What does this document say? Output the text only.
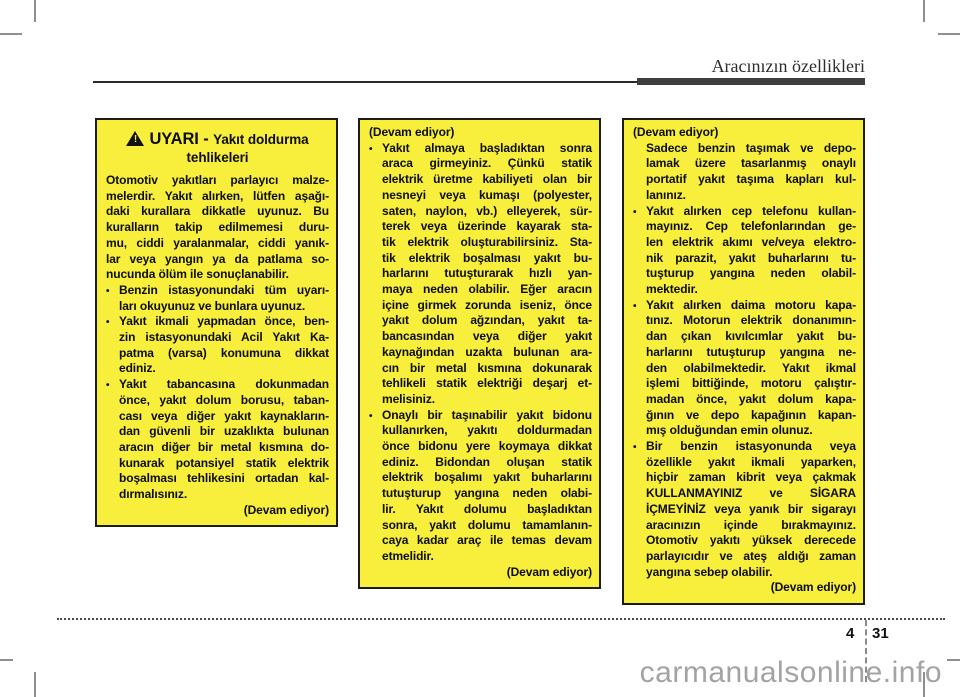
Aracınızın özellikleri
! UYARI - Yakıt doldurma
tehlikeleri
Otomotiv yakıtları parlayıcı malze-
melerdir. Yakıt alırken, lütfen aşağı-
daki kurallara dikkatle uyunuz. Bu
kuralların takip edilmemesi duru-
mu, ciddi yaralanmalar, ciddi yanık-
lar veya yangın ya da patlama so-
nucunda ölüm ile sonuçlanabilir.
• Benzin istasyonundaki tüm uyarı-
ları okuyunuz ve bunlara uyunuz.
• Yakıt ikmali yapmadan önce, ben-
zin istasyonundaki Acil Yakıt Ka-
patma (varsa) konumuna dikkat
ediniz.
• Yakıt tabancasına dokunmadan
önce, yakıt dolum borusu, taban-
cası veya diğer yakıt kaynakların-
dan güvenli bir uzaklıkta bulunan
aracın diğer bir metal kısmına do-
kunarak potansiyel statik elektrik
boşalması tehlikesini ortadan kal-
dırmalısınız.
(Devam ediyor)
(Devam ediyor)
• Yakıt almaya başladıktan sonra
araca girmeyiniz. Çünkü statik
elektrik üretme kabiliyeti olan bir
nesneyi veya kumaşı (polyester,
saten, naylon, vb.) elleyerek, sür-
terek veya üzerinde kayarak sta-
tik elektrik oluşturabilirsiniz. Sta-
tik elektrik boşalması yakıt bu-
harlarını tutuşturarak hızlı yan-
maya neden olabilir. Eğer aracın
içine girmek zorunda iseniz, önce
yakıt dolum ağzından, yakıt ta-
bancasından veya diğer yakıt
kaynağından uzakta bulunan ara-
cın bir metal kısmına dokunarak
tehlikeli statik elektriği deşarj et-
melisiniz.
• Onaylı bir taşınabilir yakıt bidonu
kullanırken, yakıtı doldurmadan
önce bidonu yere koymaya dikkat
ediniz. Bidondan oluşan statik
elektrik boşalımı yakıt buharlarını
tutuşturup yangına neden olabi-
lir. Yakıt dolumu başladıktan
sonra, yakıt dolumu tamamlanın-
caya kadar araç ile temas devam
etmelidir.
(Devam ediyor)
(Devam ediyor)
Sadece benzin taşımak ve depo-
lamak üzere tasarlanmış onaylı
portatif yakıt taşıma kapları kul-
lanınız.
• Yakıt alırken cep telefonu kullan-
mayınız. Cep telefonlarından ge-
len elektrik akımı ve/veya elektro-
nik parazit, yakıt buharlarını tu-
tuşturup yangına neden olabil-
mektedir.
• Yakıt alırken daima motoru kapa-
tınız. Motorun elektrik donanımın-
dan çıkan kıvılcımlar yakıt bu-
harlarını tutuşturup yangına ne-
den olabilmektedir. Yakıt ikmal
işlemi bittiğinde, motoru çalıştır-
madan önce, yakıt dolum kapa-
ğının ve depo kapağının kapan-
mış olduğundan emin olunuz.
• Bir benzin istasyonunda veya
özellikle yakıt ikmali yaparken,
hiçbir zaman kibrit veya çakmak
KULLANMAYINIZ ve SİGARA
İÇMEYİNİZ veya yanık bir sigarayı
aracınızın içinde bırakmayınız.
Otomotiv yakıtı yüksek derecede
parlayıcıdır ve ateş aldığı zaman
yangına sebep olabilir.
(Devam ediyor)
4 31
carmanualsonline.info
